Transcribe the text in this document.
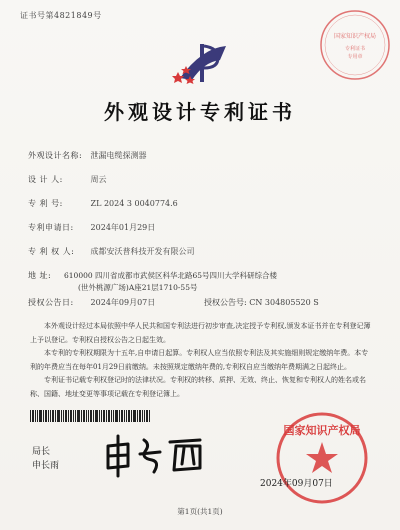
证书号第4821849号
国家知识产权局
专利证书
专用章
外观设计专利证书
外观设计名称: 泄漏电缆探测器
设 计 人:	周云
专 利 号:	ZL 2024 3 0040774.6
专利申请日: 2024年01月29日
专 利 权 人: 成都安沃普科技开发有限公司
地 址:	610000 四川省成都市武侯区科华北路65号四川大学科研综合楼
(世外桃源广场)A座21层1710-55号
授权公告日: 2024年09月07日	授权公告号: CN 304805520 S

本外观设计经过本局依照中华人民共和国专利法进行初步审查,决定授予专利权,颁发本证书并在专利登记簿上予以登记。专利权自授权公告之日起生效。

本专利的专利权期限为十五年,自申请日起算。专利权人应当依照专利法及其实施细则规定缴纳年费。本专利的年费应当在每年01月29日前缴纳。未按照规定缴纳年费的,专利权自应当缴纳年费期满之日起终止。

专利证书记载专利权登记时的法律状况。专利权的转移、质押、无效、终止、恢复和专利权人的姓名或名称、国籍、地址变更等事项记载在专利登记簿上。

局长
申长雨
国家知识产权局
2024年09月07日
第1页(共1页)
